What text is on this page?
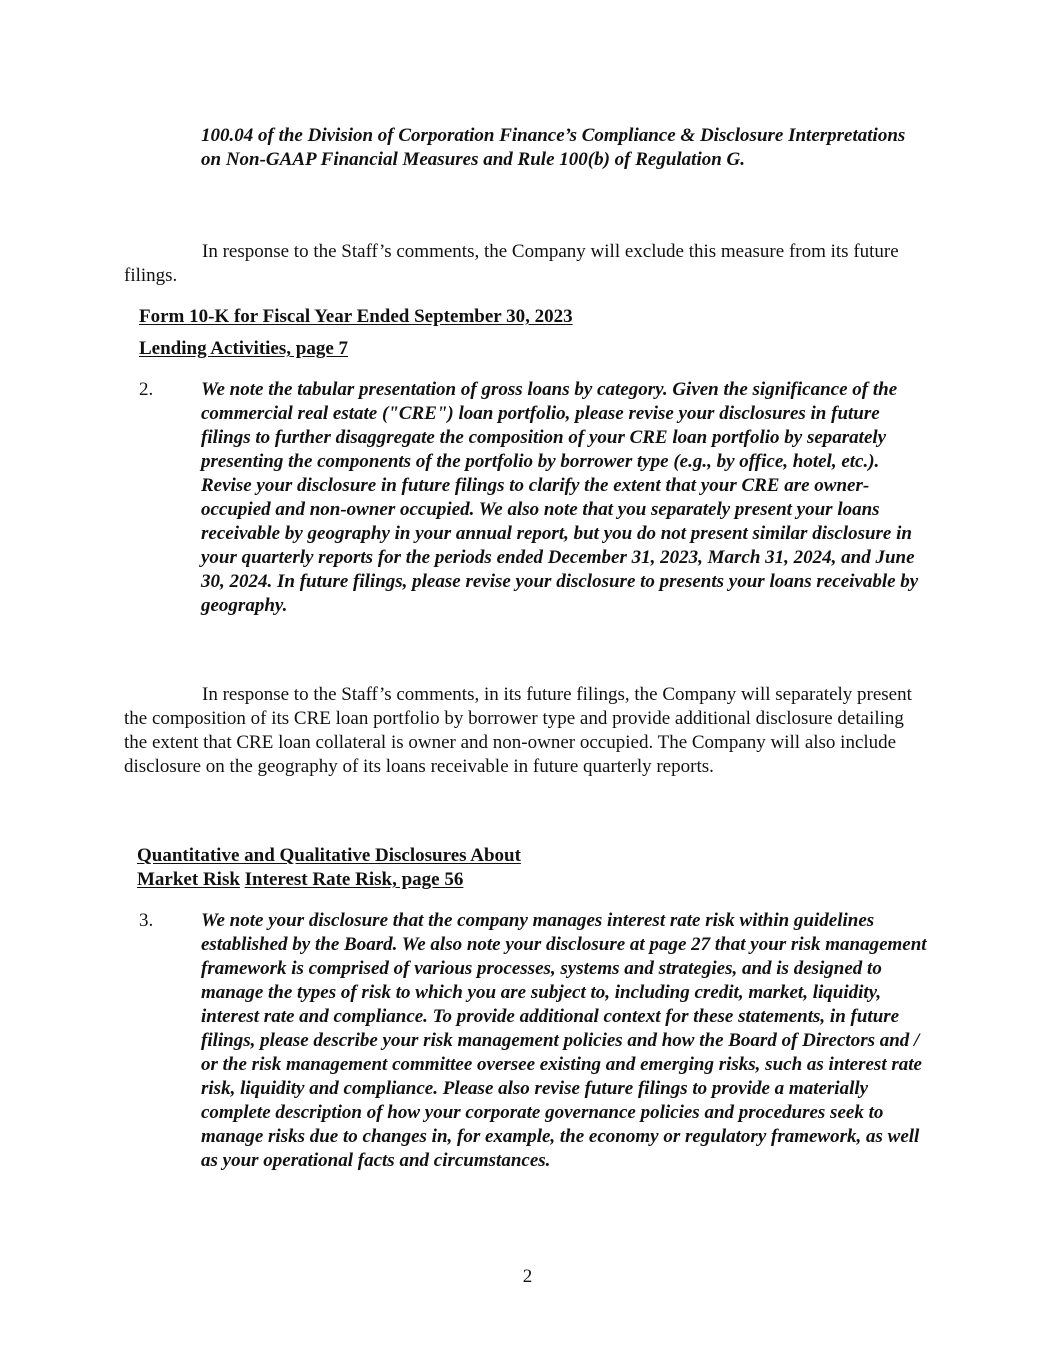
100.04 of the Division of Corporation Finance’s Compliance & Disclosure Interpretations on Non-GAAP Financial Measures and Rule 100(b) of Regulation G.

In response to the Staff’s comments, the Company will exclude this measure from its future filings.

Form 10-K for Fiscal Year Ended September 30, 2023
Lending Activities, page 7
2.	We note the tabular presentation of gross loans by category. Given the significance of the commercial real estate ("CRE") loan portfolio, please revise your disclosures in future filings to further disaggregate the composition of your CRE loan portfolio by separately presenting the components of the portfolio by borrower type (e.g., by office, hotel, etc.). Revise your disclosure in future filings to clarify the extent that your CRE are owner- occupied and non-owner occupied. We also note that you separately present your loans receivable by geography in your annual report, but you do not present similar disclosure in your quarterly reports for the periods ended December 31, 2023, March 31, 2024, and June 30, 2024. In future filings, please revise your disclosure to presents your loans receivable by geography.

In response to the Staff’s comments, in its future filings, the Company will separately present the composition of its CRE loan portfolio by borrower type and provide additional disclosure detailing the extent that CRE loan collateral is owner and non-owner occupied. The Company will also include disclosure on the geography of its loans receivable in future quarterly reports.

Quantitative and Qualitative Disclosures About
Market Risk Interest Rate Risk, page 56
3.	We note your disclosure that the company manages interest rate risk within guidelines established by the Board. We also note your disclosure at page 27 that your risk management framework is comprised of various processes, systems and strategies, and is designed to manage the types of risk to which you are subject to, including credit, market, liquidity, interest rate and compliance. To provide additional context for these statements, in future filings, please describe your risk management policies and how the Board of Directors and / or the risk management committee oversee existing and emerging risks, such as interest rate risk, liquidity and compliance. Please also revise future filings to provide a materially complete description of how your corporate governance policies and procedures seek to manage risks due to changes in, for example, the economy or regulatory framework, as well as your operational facts and circumstances.

2
